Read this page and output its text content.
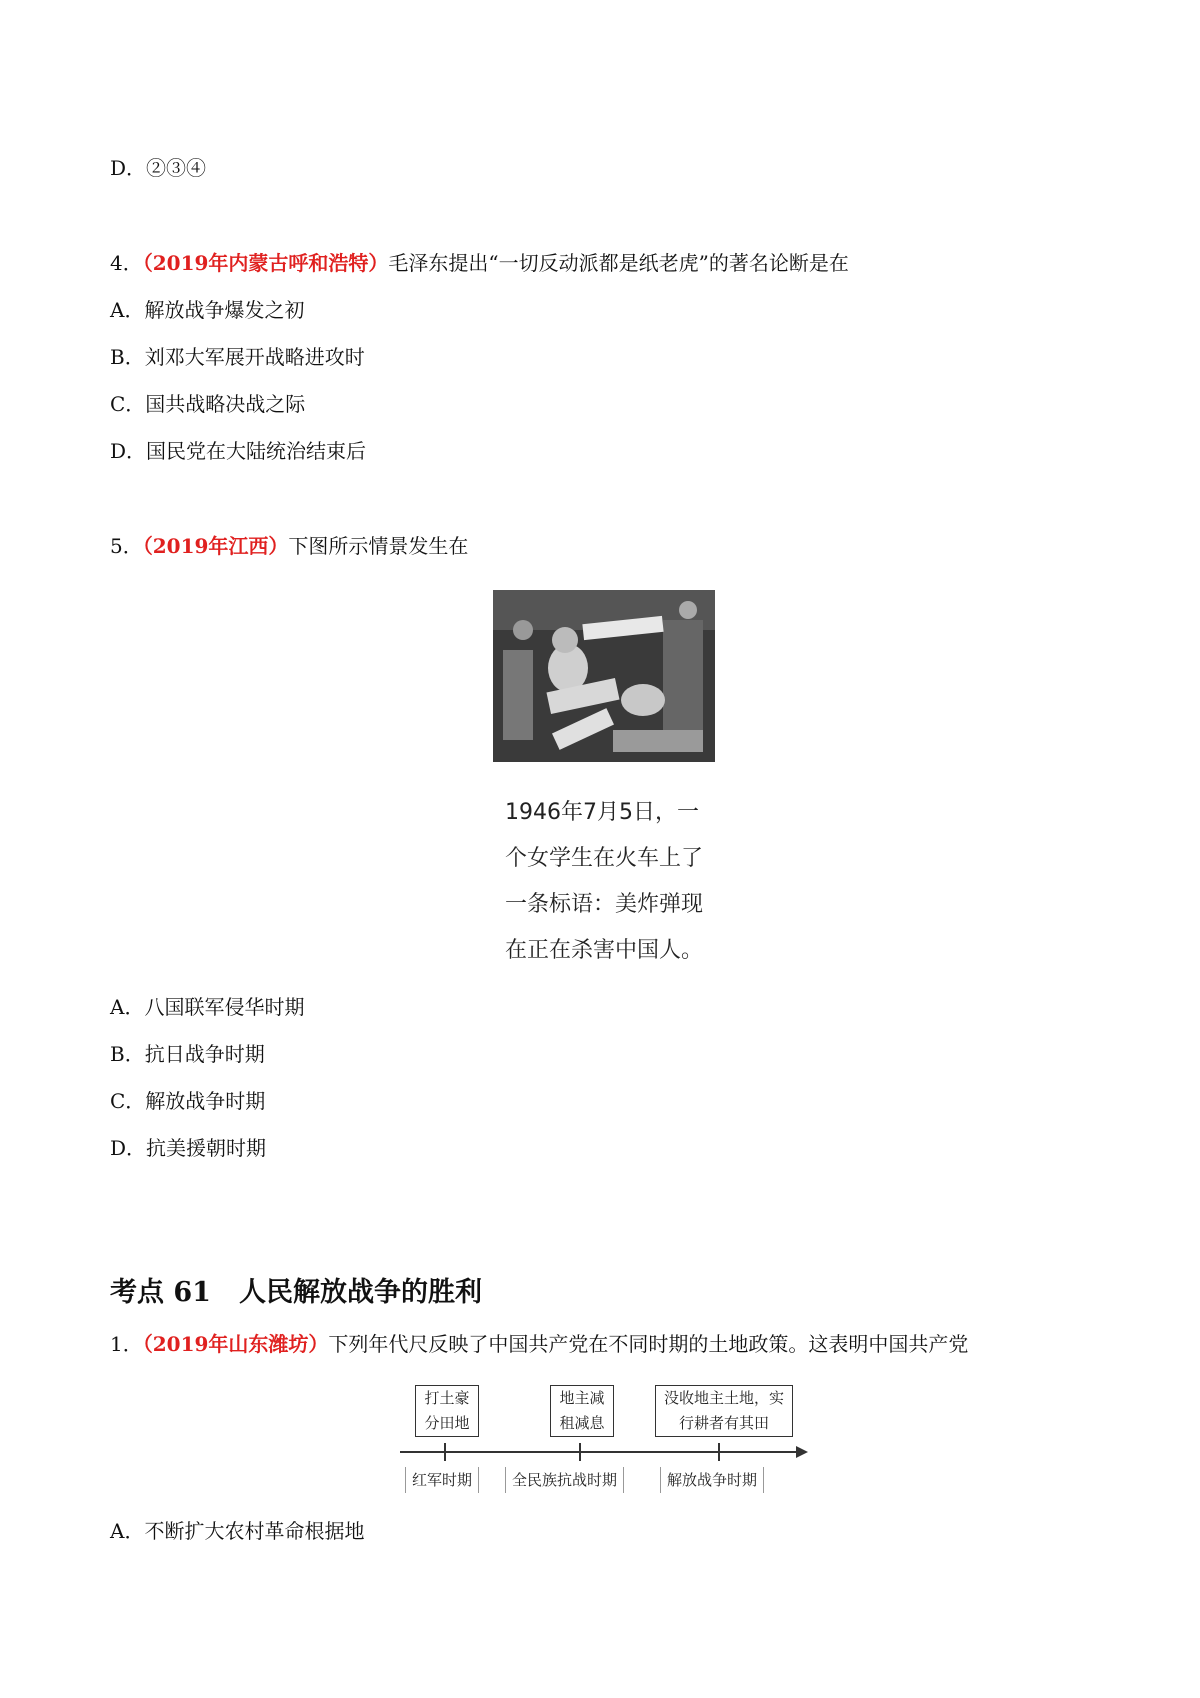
D．②③④
4．（2019年内蒙古呼和浩特）毛泽东提出“一切反动派都是纸老虎”的著名论断是在
A．解放战争爆发之初
B．刘邓大军展开战略进攻时
C．国共战略决战之际
D．国民党在大陆统治结束后
5．（2019年江西）下图所示情景发生在
1946年7月5日，一
个女学生在火车上了
一条标语：美炸弹现
在正在杀害中国人。
A．八国联军侵华时期
B．抗日战争时期
C．解放战争时期
D．抗美援朝时期
考点 61 人民解放战争的胜利
1．（2019年山东潍坊）下列年代尺反映了中国共产党在不同时期的土地政策。这表明中国共产党
打土豪
分田地
地主减
租减息
没收地主土地，实
行耕者有其田
红军时期	全民族抗战时期	解放战争时期
A．不断扩大农村革命根据地
